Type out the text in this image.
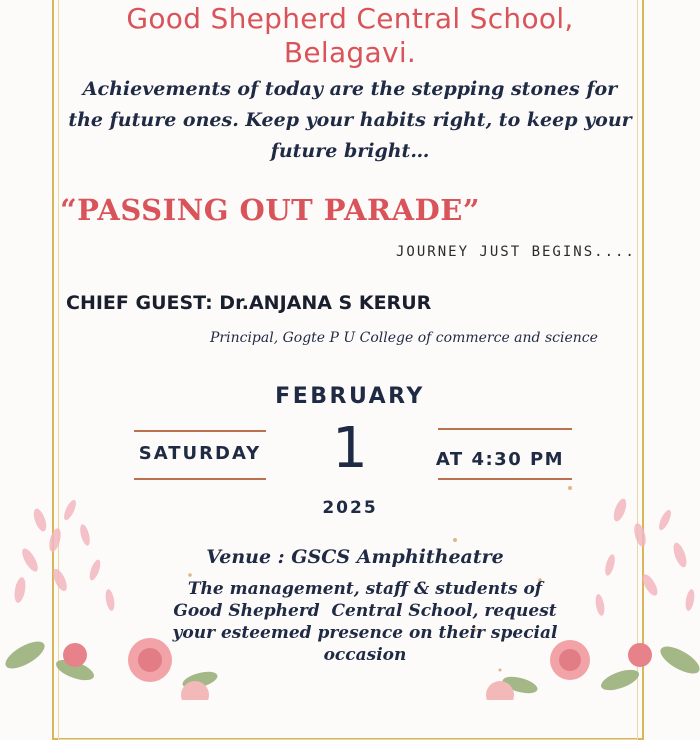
Good Shepherd Central School,
Belagavi.
Achievements of today are the stepping stones for
the future ones. Keep your habits right, to keep your
future bright…
“PASSING OUT PARADE”
JOURNEY JUST BEGINS....
CHIEF GUEST: Dr.ANJANA S KERUR
Principal, Gogte P U College of commerce and science
FEBRUARY
SATURDAY	1	AT 4:30 PM
2025
Venue : GSCS Amphitheatre
The management, staff & students of
Good Shepherd  Central School, request
your esteemed presence on their special
occasion
